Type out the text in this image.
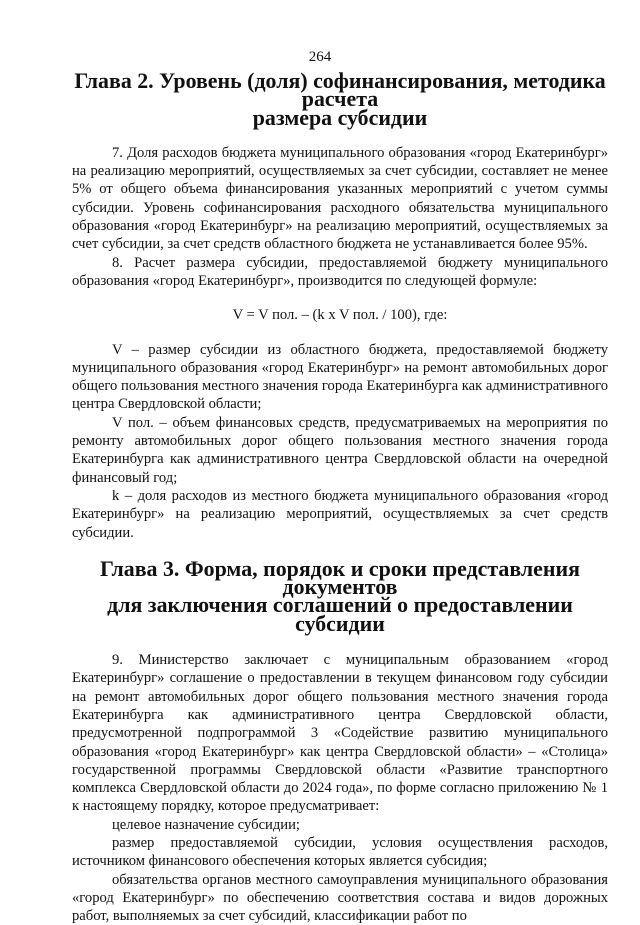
264
Глава 2. Уровень (доля) софинансирования, методика расчета
размера субсидии

7. Доля расходов бюджета муниципального образования «город Екатеринбург» на реализацию мероприятий, осуществляемых за счет субсидии, составляет не менее 5% от общего объема финансирования указанных мероприятий с учетом суммы субсидии. Уровень софинансирования расходного обязательства муниципального образования «город Екатеринбург» на реализацию мероприятий, осуществляемых за счет субсидии, за счет средств областного бюджета не устанавливается более 95%.

8. Расчет размера субсидии, предоставляемой бюджету муниципального образования «город Екатеринбург», производится по следующей формуле:

V = V пол. – (k x V пол. / 100), где:

V – размер субсидии из областного бюджета, предоставляемой бюджету муниципального образования «город Екатеринбург» на ремонт автомобильных дорог общего пользования местного значения города Екатеринбурга как административного центра Свердловской области;

V пол. – объем финансовых средств, предусматриваемых на мероприятия по ремонту автомобильных дорог общего пользования местного значения города Екатеринбурга как административного центра Свердловской области на очередной финансовый год;

k – доля расходов из местного бюджета муниципального образования «город Екатеринбург» на реализацию мероприятий, осуществляемых за счет средств субсидии.

Глава 3. Форма, порядок и сроки представления документов
для заключения соглашений о предоставлении субсидии

9. Министерство заключает с муниципальным образованием «город Екатеринбург» соглашение о предоставлении в текущем финансовом году субсидии на ремонт автомобильных дорог общего пользования местного значения города Екатеринбурга как административного центра Свердловской области, предусмотренной подпрограммой 3 «Содействие развитию муниципального образования «город Екатеринбург» как центра Свердловской области» – «Столица» государственной программы Свердловской области «Развитие транспортного комплекса Свердловской области до 2024 года», по форме согласно приложению № 1 к настоящему порядку, которое предусматривает:

целевое назначение субсидии;

размер предоставляемой субсидии, условия осуществления расходов, источником финансового обеспечения которых является субсидия;

обязательства органов местного самоуправления муниципального образования «город Екатеринбург» по обеспечению соответствия состава и видов дорожных работ, выполняемых за счет субсидий, классификации работ по
